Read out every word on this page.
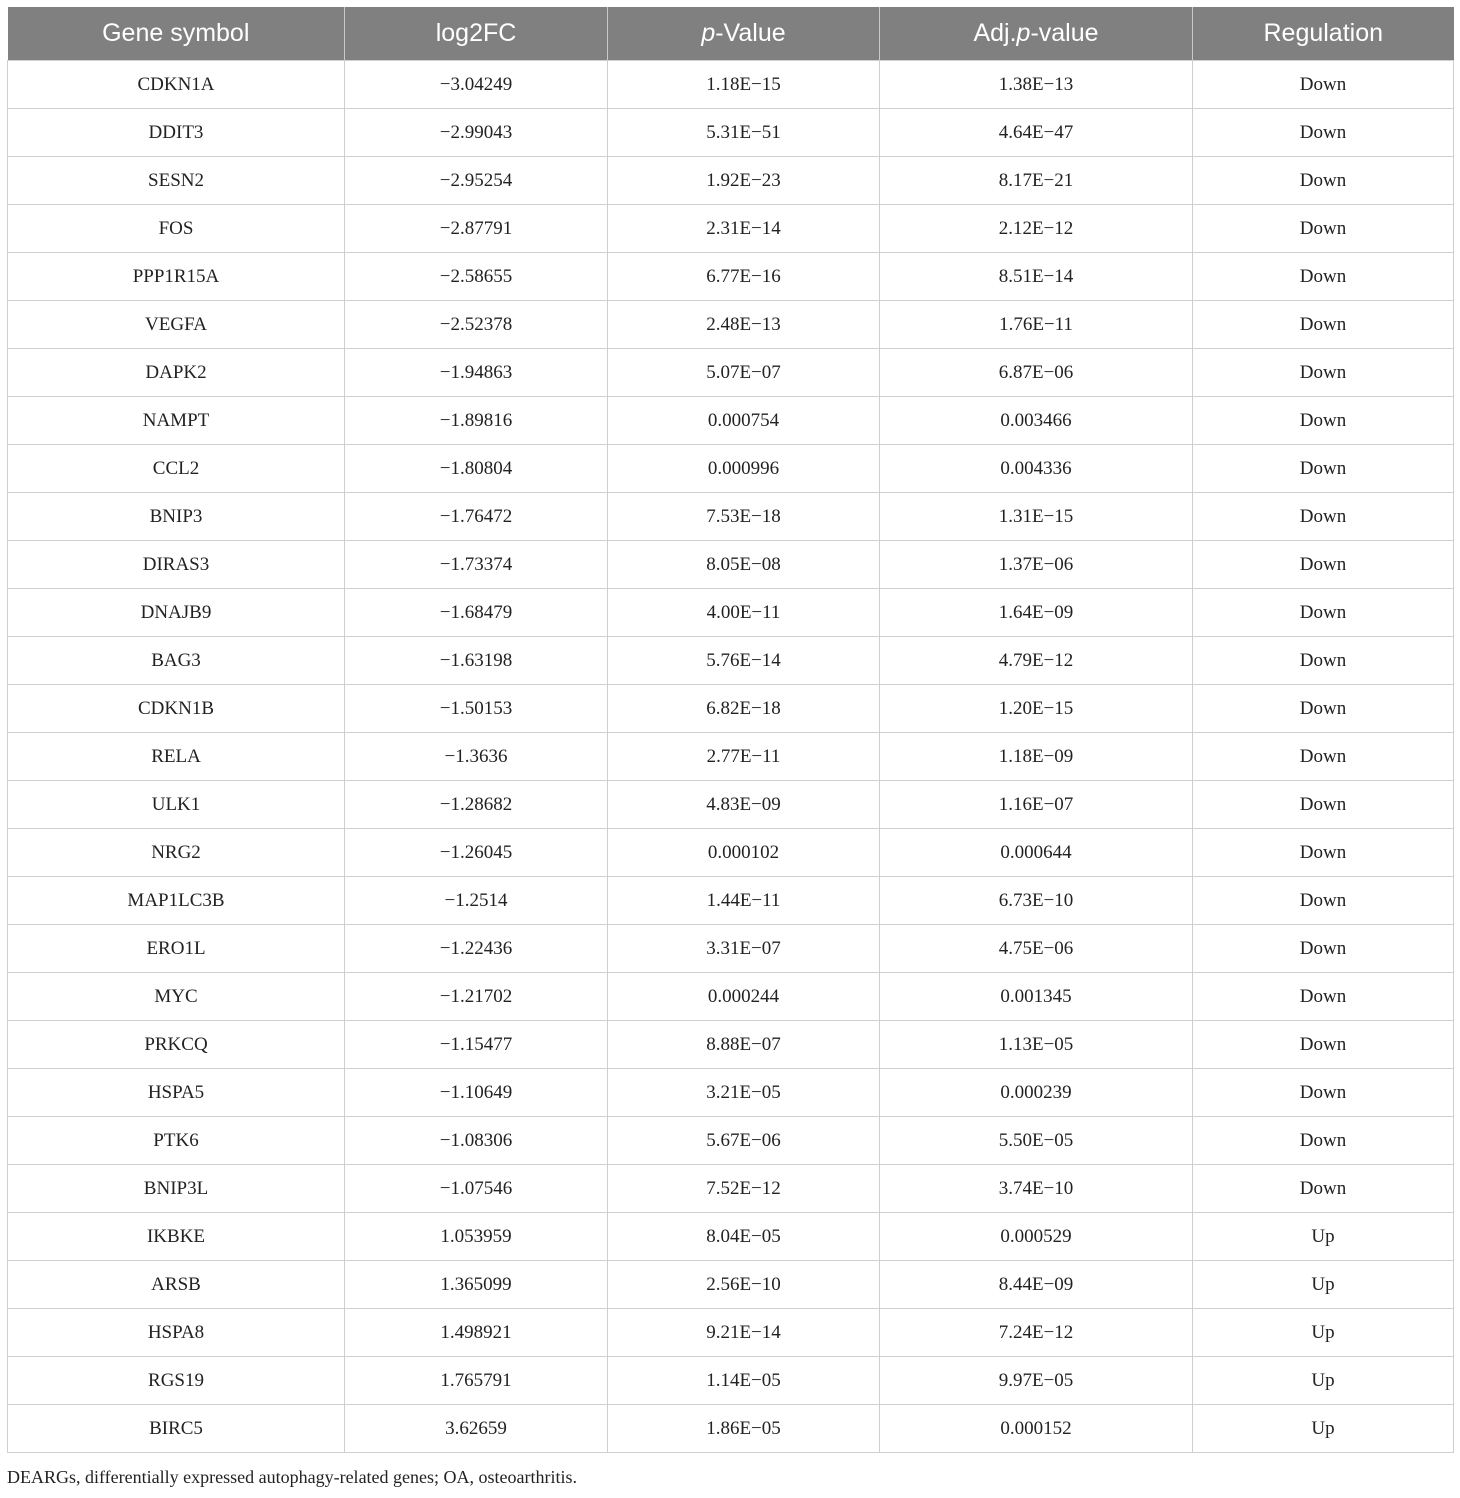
Gene symbol	log2FC	p-Value	Adj.p-value	Regulation
CDKN1A	−3.04249	1.18E−15	1.38E−13	Down
DDIT3	−2.99043	5.31E−51	4.64E−47	Down
SESN2	−2.95254	1.92E−23	8.17E−21	Down
FOS	−2.87791	2.31E−14	2.12E−12	Down
PPP1R15A	−2.58655	6.77E−16	8.51E−14	Down
VEGFA	−2.52378	2.48E−13	1.76E−11	Down
DAPK2	−1.94863	5.07E−07	6.87E−06	Down
NAMPT	−1.89816	0.000754	0.003466	Down
CCL2	−1.80804	0.000996	0.004336	Down
BNIP3	−1.76472	7.53E−18	1.31E−15	Down
DIRAS3	−1.73374	8.05E−08	1.37E−06	Down
DNAJB9	−1.68479	4.00E−11	1.64E−09	Down
BAG3	−1.63198	5.76E−14	4.79E−12	Down
CDKN1B	−1.50153	6.82E−18	1.20E−15	Down
RELA	−1.3636	2.77E−11	1.18E−09	Down
ULK1	−1.28682	4.83E−09	1.16E−07	Down
NRG2	−1.26045	0.000102	0.000644	Down
MAP1LC3B	−1.2514	1.44E−11	6.73E−10	Down
ERO1L	−1.22436	3.31E−07	4.75E−06	Down
MYC	−1.21702	0.000244	0.001345	Down
PRKCQ	−1.15477	8.88E−07	1.13E−05	Down
HSPA5	−1.10649	3.21E−05	0.000239	Down
PTK6	−1.08306	5.67E−06	5.50E−05	Down
BNIP3L	−1.07546	7.52E−12	3.74E−10	Down
IKBKE	1.053959	8.04E−05	0.000529	Up
ARSB	1.365099	2.56E−10	8.44E−09	Up
HSPA8	1.498921	9.21E−14	7.24E−12	Up
RGS19	1.765791	1.14E−05	9.97E−05	Up
BIRC5	3.62659	1.86E−05	0.000152	Up
DEARGs, differentially expressed autophagy-related genes; OA, osteoarthritis.
